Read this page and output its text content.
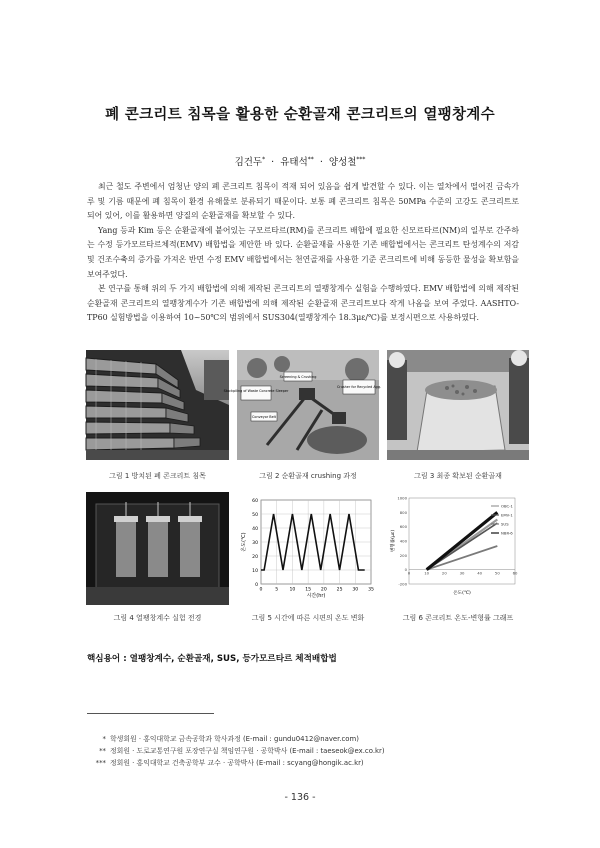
폐 콘크리트 침목을 활용한 순환골재 콘크리트의 열팽창계수
김건두* · 유태석** · 양성철***

최근 철도 주변에서 엄청난 양의 폐 콘크리트 침목이 적재 되어 있음을 쉽게 발견할 수 있다. 이는 열차에서 떨어진 금속가루 및 기름 때문에 폐 침목이 환경 유해물로 분류되기 때문이다. 보통 폐 콘크리트 침목은 50MPa 수준의 고강도 콘크리트로 되어 있어, 이를 활용하면 양질의 순환골재를 확보할 수 있다.

Yang 등과 Kim 등은 순환골재에 붙어있는 구모르타르(RM)를 콘크리트 배합에 필요한 신모르타르(NM)의 일부로 간주하는 수정 등가모르타르체적(EMV) 배합법을 제안한 바 있다. 순환골재를 사용한 기존 배합법에서는 콘크리트 탄성계수의 저감 및 건조수축의 증가를 가져온 반면 수정 EMV 배합법에서는 천연골재를 사용한 기준 콘크리트에 비해 동등한 물성을 확보함을 보여주었다.

본 연구를 통해 위의 두 가지 배합법에 의해 제작된 콘크리트의 열팽창계수 실험을 수행하였다. EMV 배합법에 의해 제작된 순환골재 콘크리트의 열팽창계수가 기존 배합법에 의해 제작된 순환골재 콘크리트보다 작게 나옴을 보여 주었다. AASHTO-TP60 실험방법을 이용하여 10~50℃의 범위에서 SUS304(열팽창계수 18.3με/℃)를 보정시편으로 사용하였다.

그림 1 방치된 폐 콘크리트 침목
Stockpiling of Waste Concrete Sleeper
Screening & Crushing
Crusher for Recycled Agg.
Conveyor Belt
그림 2 순환골재 crushing 과정	그림 3 최종 확보된 순환골재
그림 4 열팽창계수 실험 전경
0
10
20
30
40
50
60
0	5 10 15 20 25 30 35
시간(hr)
온도(℃)
그림 5 시간에 따른 시편의 온도 변화
-200
0
200
400
600
800
1000
0	10	20	30	40	50	60
OBC-1
EMV-1
SUS
NBR-6
온도(℃)
변형률(με)
그림 6 콘크리트 온도-변형률 그래프
핵심용어 : 열팽창계수, 순환골재, SUS, 등가모르타르 체적배합법
* 학생회원 · 홍익대학교 금속공학과 학사과정 (E-mail : gundu0412@naver.com)
** 정회원 · 도로교통연구원 포장연구실 책임연구원 · 공학박사 (E-mail : taeseok@ex.co.kr)
*** 정회원 · 홍익대학교 건축공학부 교수 · 공학박사 (E-mail : scyang@hongik.ac.kr)
- 136 -
